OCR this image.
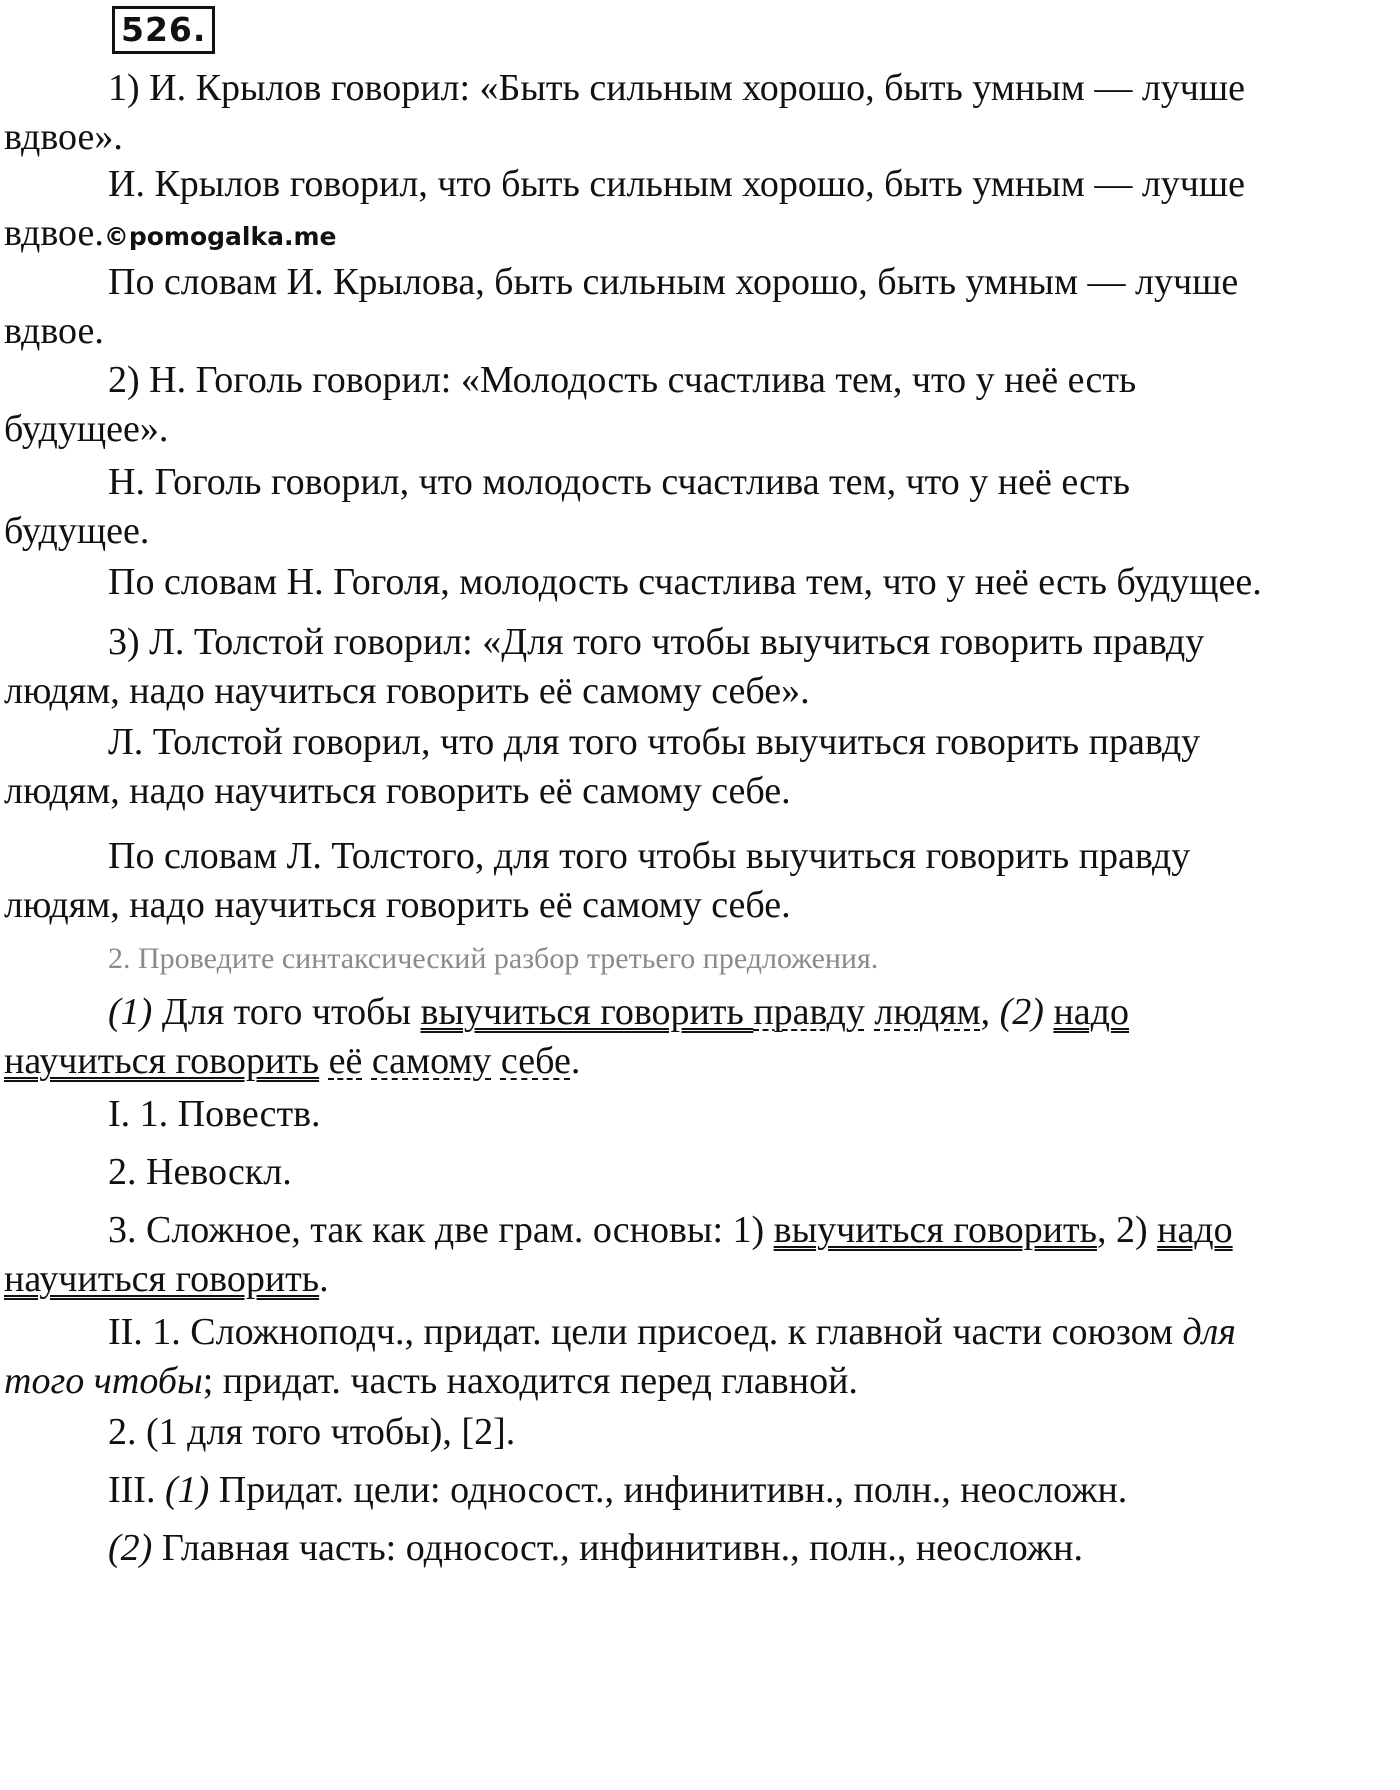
526.

1) И. Крылов говорил: «Быть сильным хорошо, быть умным — лучше
вдвое».

И. Крылов говорил, что быть сильным хорошо, быть умным — лучше
вдвое.©pomogalka.me

По словам И. Крылова, быть сильным хорошо, быть умным — лучше
вдвое.

2) Н. Гоголь говорил: «Молодость счастлива тем, что у неё есть
будущее».

Н. Гоголь говорил, что молодость счастлива тем, что у неё есть
будущее.

По словам Н. Гоголя, молодость счастлива тем, что у неё есть будущее.

3) Л. Толстой говорил: «Для того чтобы выучиться говорить правду
людям, надо научиться говорить её самому себе».

Л. Толстой говорил, что для того чтобы выучиться говорить правду
людям, надо научиться говорить её самому себе.

По словам Л. Толстого, для того чтобы выучиться говорить правду
людям, надо научиться говорить её самому себе.

2. Проведите синтаксический разбор третьего предложения.

(1) Для того чтобы выучиться говорить правду людям, (2) надо
научиться говорить её самому себе.

I. 1. Повеств.

2. Невоскл.

3. Сложное, так как две грам. основы: 1) выучиться говорить, 2) надо
научиться говорить.

II. 1. Сложноподч., придат. цели присоед. к главной части союзом для
того чтобы; придат. часть находится перед главной.

2. (1 для того чтобы), [2].

III. (1) Придат. цели: односост., инфинитивн., полн., неосложн.

(2) Главная часть: односост., инфинитивн., полн., неосложн.
